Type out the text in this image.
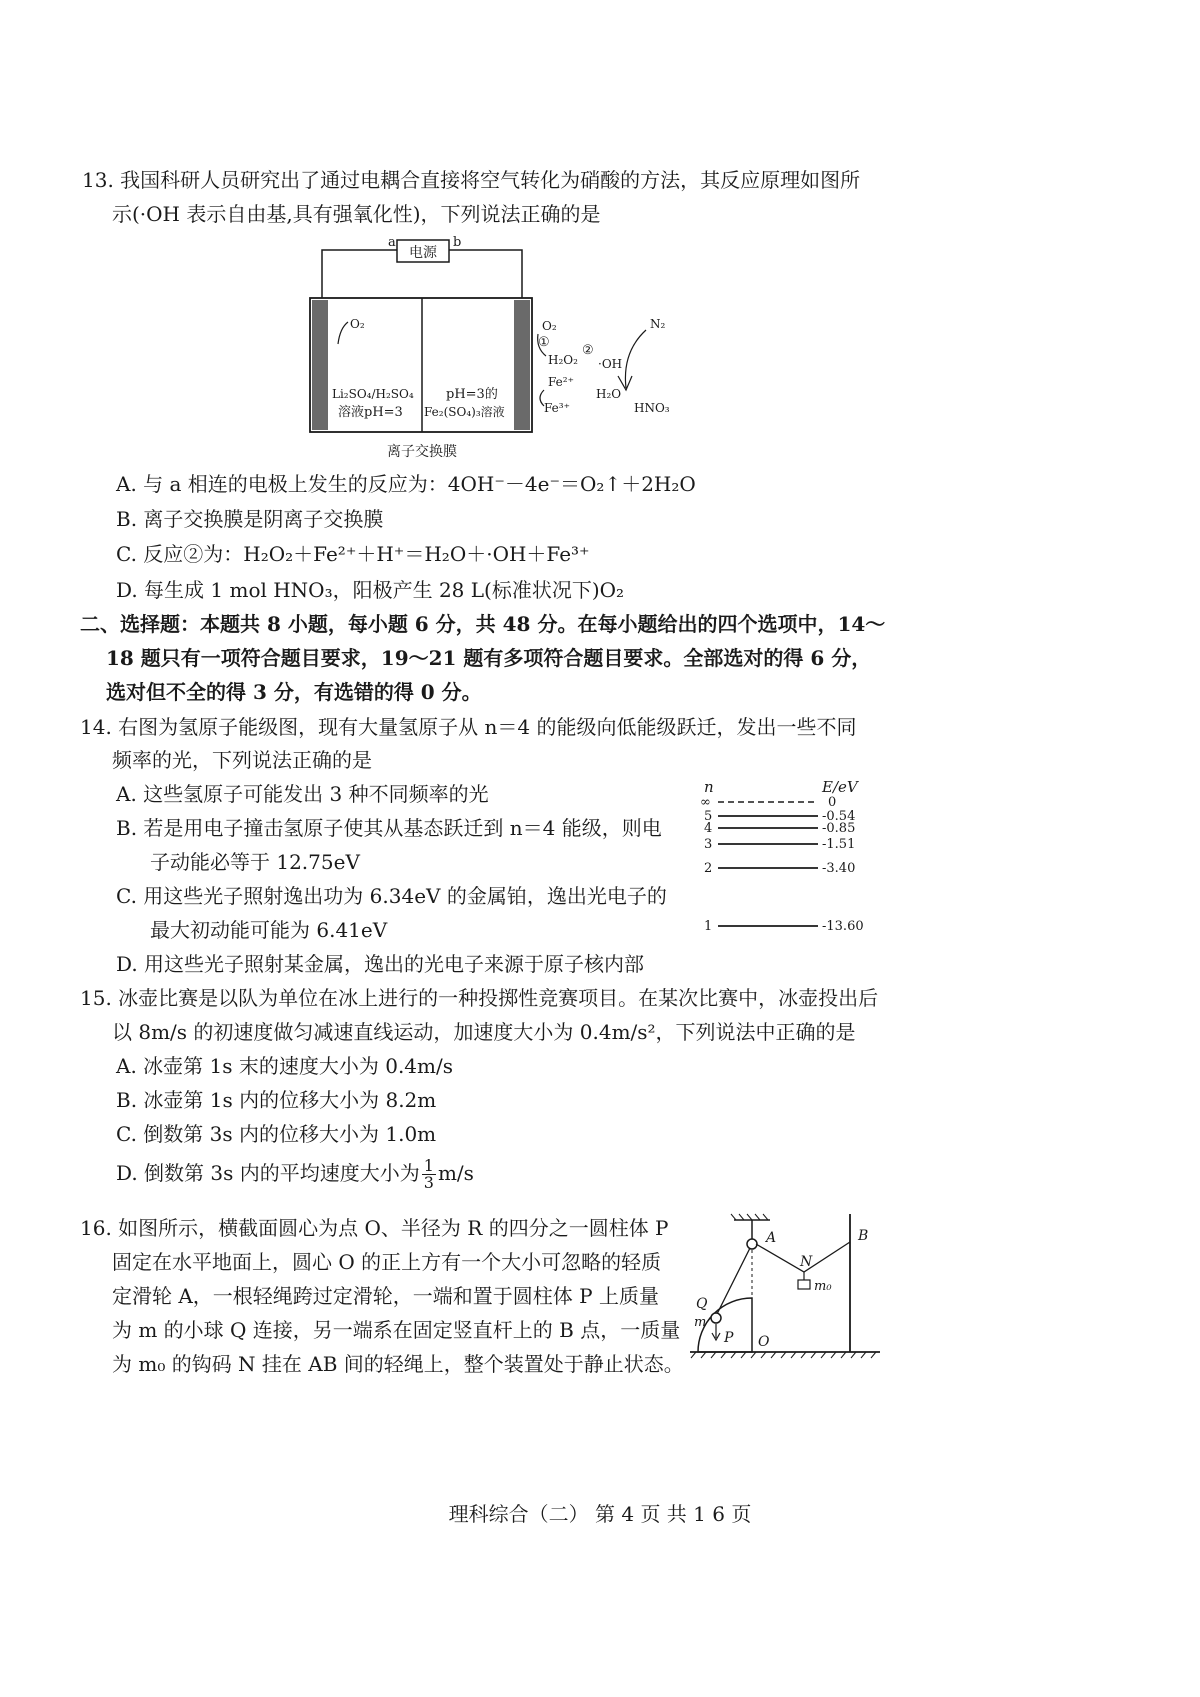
13. 我国科研人员研究出了通过电耦合直接将空气转化为硝酸的方法，其反应原理如图所
示(·OH 表示自由基,具有强氧化性)，下列说法正确的是
电源
a	b
O₂
Li₂SO₄/H₂SO₄
溶液pH=3
pH=3的
Fe₂(SO₄)₃溶液
离子交换膜
O₂
①
H₂O₂
②
·OH
Fe²⁺
Fe³⁺
H₂O
N₂
HNO₃
A. 与 a 相连的电极上发生的反应为：4OH⁻－4e⁻＝O₂↑＋2H₂O
B. 离子交换膜是阴离子交换膜
C. 反应②为：H₂O₂＋Fe²⁺＋H⁺＝H₂O＋·OH＋Fe³⁺
D. 每生成 1 mol HNO₃，阳极产生 28 L(标准状况下)O₂
二、选择题：本题共 8 小题，每小题 6 分，共 48 分。在每小题给出的四个选项中，14～
18 题只有一项符合题目要求，19～21 题有多项符合题目要求。全部选对的得 6 分，
选对但不全的得 3 分，有选错的得 0 分。
14. 右图为氢原子能级图，现有大量氢原子从 n＝4 的能级向低能级跃迁，发出一些不同
频率的光，下列说法正确的是
A. 这些氢原子可能发出 3 种不同频率的光
B. 若是用电子撞击氢原子使其从基态跃迁到 n＝4 能级，则电
子动能必等于 12.75eV
C. 用这些光子照射逸出功为 6.34eV 的金属铂，逸出光电子的
最大初动能可能为 6.41eV
D. 用这些光子照射某金属，逸出的光电子来源于原子核内部
n	E/eV
∞	0
5	-0.54
4	-0.85
3	-1.51
2	-3.40
1	-13.60
15. 冰壶比赛是以队为单位在冰上进行的一种投掷性竞赛项目。在某次比赛中，冰壶投出后
以 8m/s 的初速度做匀减速直线运动，加速度大小为 0.4m/s²，下列说法中正确的是
A. 冰壶第 1s 末的速度大小为 0.4m/s
B. 冰壶第 1s 内的位移大小为 8.2m
C. 倒数第 3s 内的位移大小为 1.0m
D. 倒数第 3s 内的平均速度大小为 $\frac{1}{3} m/s$
16. 如图所示，横截面圆心为点 O、半径为 R 的四分之一圆柱体 P
固定在水平地面上，圆心 O 的正上方有一个大小可忽略的轻质
定滑轮 A，一根轻绳跨过定滑轮，一端和置于圆柱体 P 上质量
为 m 的小球 Q 连接，另一端系在固定竖直杆上的 B 点，一质量
为 m₀ 的钩码 N 挂在 AB 间的轻绳上，整个装置处于静止状态。
A	B
N
m₀
Q
m
P O
理科综合（二） 第 4 页 共 1 6 页
